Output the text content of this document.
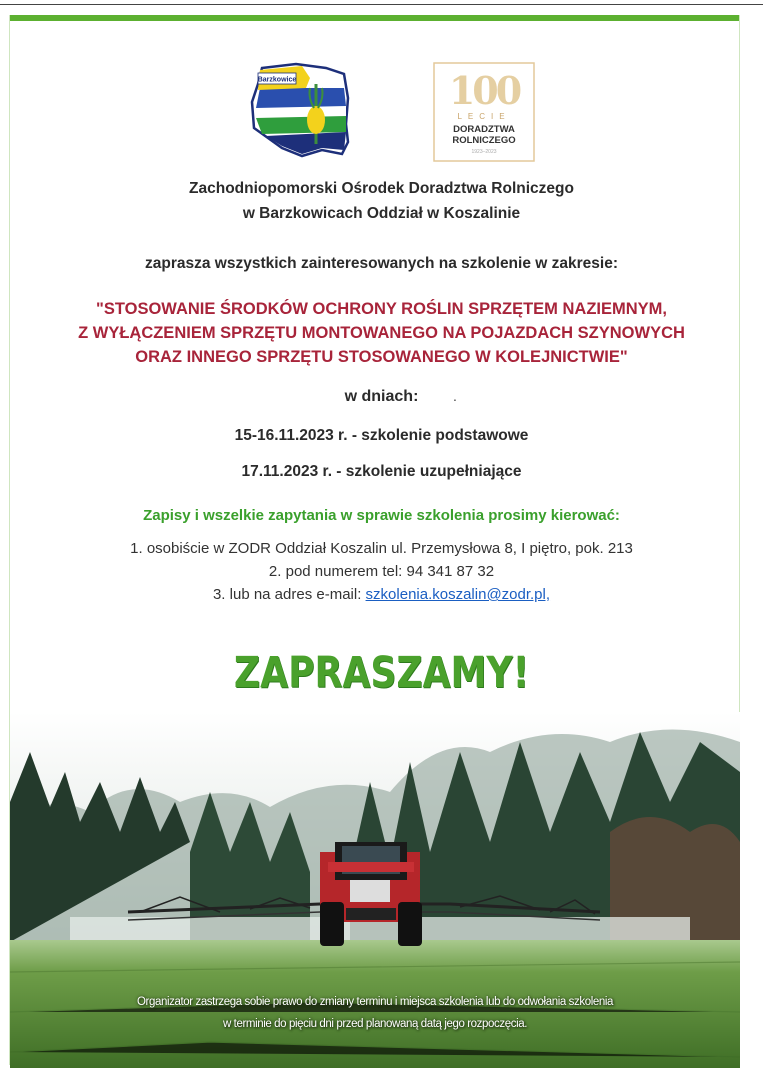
Barzkowice	100
LECIE
DORADZTWA
ROLNICZEGO
1923–2023
Zachodniopomorski Ośrodek Doradztwa Rolniczego
w Barzkowicach Oddział w Koszalinie
zaprasza wszystkich zainteresowanych na szkolenie w zakresie:
"STOSOWANIE ŚRODKÓW OCHRONY ROŚLIN SPRZĘTEM NAZIEMNYM,
Z WYŁĄCZENIEM SPRZĘTU MONTOWANEGO NA POJAZDACH SZYNOWYCH
ORAZ INNEGO SPRZĘTU STOSOWANEGO W KOLEJNICTWIE"
w dniach:	.
15-16.11.2023 r. - szkolenie podstawowe
17.11.2023 r. - szkolenie uzupełniające
Zapisy i wszelkie zapytania w sprawie szkolenia prosimy kierować:
1. osobiście w ZODR Oddział Koszalin ul. Przemysłowa 8, I piętro, pok. 213
2. pod numerem tel: 94 341 87 32
3. lub na adres e-mail: szkolenia.koszalin@zodr.pl,
ZAPRASZAMY!
Organizator zastrzega sobie prawo do zmiany terminu i miejsca szkolenia lub do odwołania szkolenia
w terminie do pięciu dni przed planowaną datą jego rozpoczęcia.
